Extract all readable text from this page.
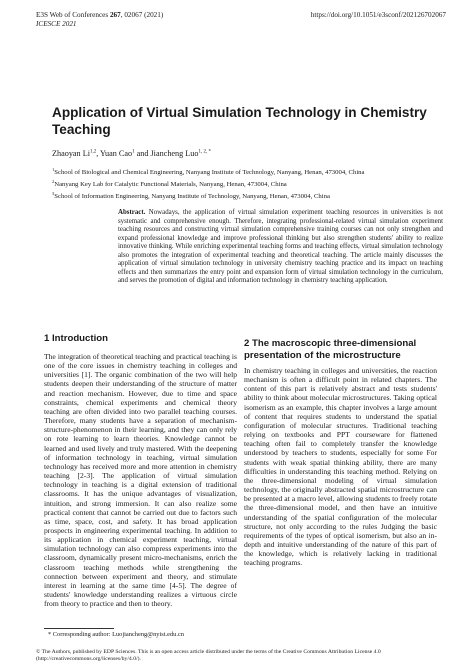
E3S Web of Conferences 267, 02067 (2021)
ICESCE 2021
https://doi.org/10.1051/e3sconf/202126702067
Application of Virtual Simulation Technology in Chemistry Teaching
Zhaoyan Li$^{1,2}$, Yuan Cao$^1$ and Jiancheng Luo$^{1, 2, *}$
$^1$School of Biological and Chemical Engineering, Nanyang Institute of Technology, Nanyang, Henan, 473004, China
$^2$Nanyang Key Lab for Catalytic Functional Materials, Nanyang, Henan, 473004, China
$^3$School of Information Engineering, Nanyang Institute of Technology, Nanyang, Henan, 473004, China

Abstract. Nowadays, the application of virtual simulation experiment teaching resources in universities is not systematic and comprehensive enough. Therefore, integrating professional-related virtual simulation experiment teaching resources and constructing virtual simulation comprehensive training courses can not only strengthen and expand professional knowledge and improve professional thinking but also strengthen students' ability to realize innovative thinking. While enriching experimental teaching forms and teaching effects, virtual simulation technology also promotes the integration of experimental teaching and theoretical teaching. The article mainly discusses the application of virtual simulation technology in university chemistry teaching practice and its impact on teaching effects and then summarizes the entry point and expansion form of virtual simulation technology in the curriculum, and serves the promotion of digital and information technology in chemistry teaching application.

1 Introduction

The integration of theoretical teaching and practical teaching is one of the core issues in chemistry teaching in colleges and universities [1]. The organic combination of the two will help students deepen their understanding of the structure of matter and reaction mechanism. However, due to time and space constraints, chemical experiments and chemical theory teaching are often divided into two parallel teaching courses. Therefore, many students have a separation of mechanism-structure-phenomenon in their learning, and they can only rely on rote learning to learn theories. Knowledge cannot be learned and used lively and truly mastered. With the deepening of information technology in teaching, virtual simulation technology has received more and more attention in chemistry teaching [2-3]. The application of virtual simulation technology in teaching is a digital extension of traditional classrooms. It has the unique advantages of visualization, intuition, and strong immersion. It can also realize some practical content that cannot be carried out due to factors such as time, space, cost, and safety. It has broad application prospects in engineering experimental teaching. In addition to its application in chemical experiment teaching, virtual simulation technology can also compress experiments into the classroom, dynamically present micro-mechanisms, enrich the classroom teaching methods while strengthening the connection between experiment and theory, and stimulate interest in learning at the same time [4-5]. The degree of students' knowledge understanding realizes a virtuous circle from theory to practice and then to theory.

2 The macroscopic three-dimensional presentation of the microstructure

In chemistry teaching in colleges and universities, the reaction mechanism is often a difficult point in related chapters. The content of this part is relatively abstract and tests students' ability to think about molecular microstructures. Taking optical isomerism as an example, this chapter involves a large amount of content that requires students to understand the spatial configuration of molecular structures. Traditional teaching relying on textbooks and PPT courseware for flattened teaching often fail to completely transfer the knowledge understood by teachers to students, especially for some For students with weak spatial thinking ability, there are many difficulties in understanding this teaching method. Relying on the three-dimensional modeling of virtual simulation technology, the originally abstracted spatial microstructure can be presented at a macro level, allowing students to freely rotate the three-dimensional model, and then have an intuitive understanding of the spatial configuration of the molecular structure, not only according to the rules Judging the basic requirements of the types of optical isomerism, but also an in-depth and intuitive understanding of the nature of this part of the knowledge, which is relatively lacking in traditional teaching programs.

* Corresponding author: Luojiancheng@nyist.edu.cn
© The Authors, published by EDP Sciences. This is an open access article distributed under the terms of the Creative Commons Attribution License 4.0 (http://creativecommons.org/licenses/by/4.0/).
